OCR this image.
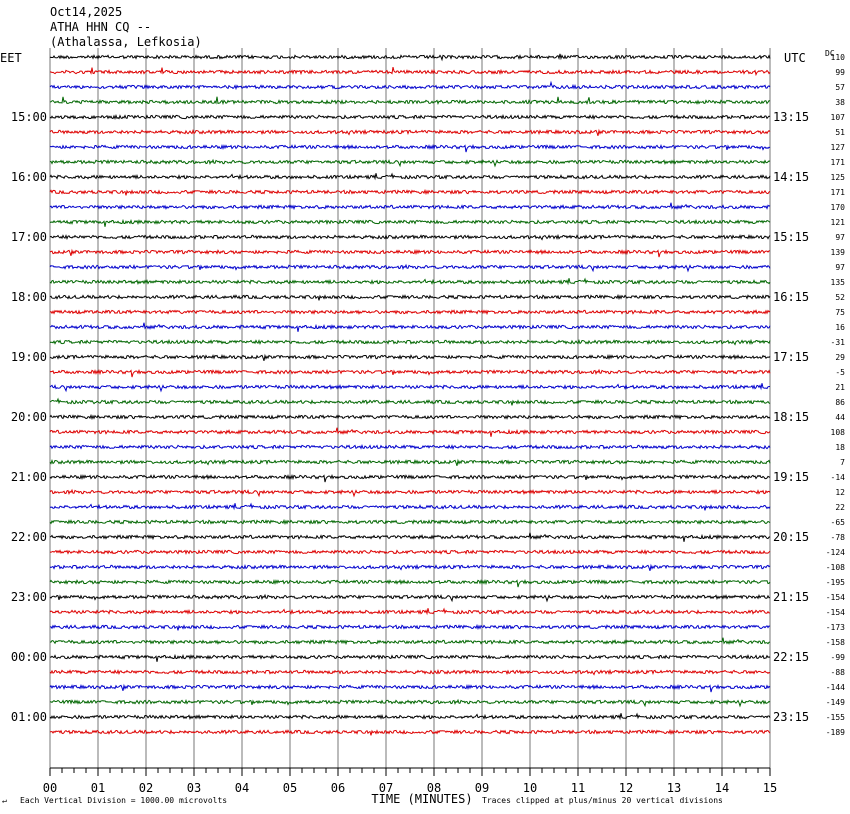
Oct14,2025
ATHA HHN CQ --
(Athalassa, Lefkosia)
EET	UTC DC
15:00
16:00
17:00
18:00
19:00
20:00
21:00
22:00
23:00
00:00
01:00
13:15
14:15
15:15
16:15
17:15
18:15
19:15
20:15
21:15
22:15
23:15
110
99
57
38
107
51
127
171
125
171
170
121
97
139
97
135
52
75
16
-31
29
-5
21
86
44
108
18
7
-14
12
22
-65
-78
-124
-108
-195
-154
-154
-173
-158
-99
-88
-144
-149
-155
-189
00	01	02	03	04	05	06	07	08	09	10	11	12	13	14	15
TIME (MINUTES)
↵ Each Vertical Division = 1000.00 microvolts	Traces clipped at plus/minus 20 vertical divisions
